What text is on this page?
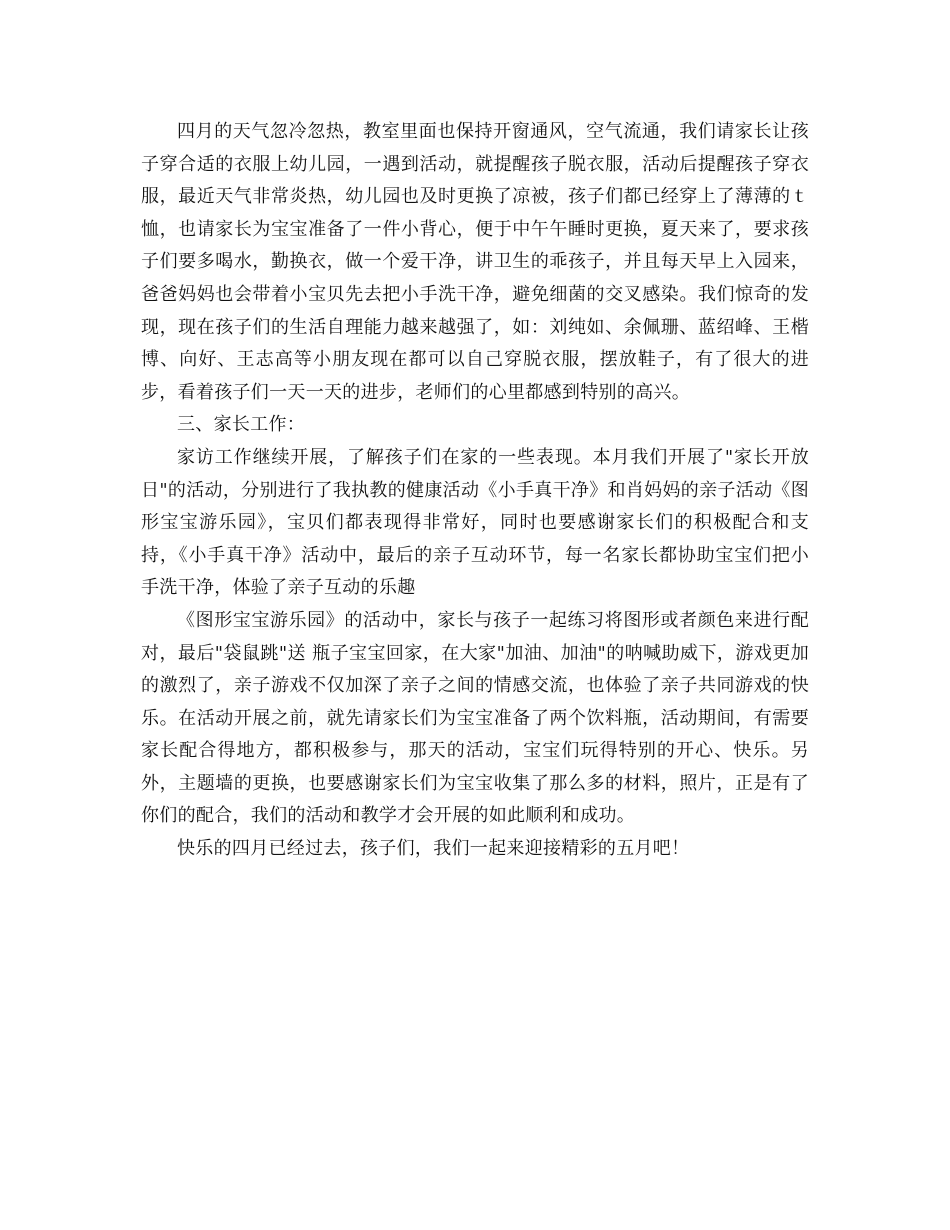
四月的天气忽冷忽热，教室里面也保持开窗通风，空气流通，我们请家长让孩子穿合适的衣服上幼儿园，一遇到活动，就提醒孩子脱衣服，活动后提醒孩子穿衣服，最近天气非常炎热，幼儿园也及时更换了凉被，孩子们都已经穿上了薄薄的ｔ恤，也请家长为宝宝准备了一件小背心，便于中午午睡时更换，夏天来了，要求孩子们要多喝水，勤换衣，做一个爱干净，讲卫生的乖孩子，并且每天早上入园来，爸爸妈妈也会带着小宝贝先去把小手洗干净，避免细菌的交叉感染。我们惊奇的发现，现在孩子们的生活自理能力越来越强了，如：刘纯如、余佩珊、蓝绍峰、王楷博、向好、王志高等小朋友现在都可以自己穿脱衣服，摆放鞋子，有了很大的进步，看着孩子们一天一天的进步，老师们的心里都感到特别的高兴。

三、家长工作：

家访工作继续开展，了解孩子们在家的一些表现。本月我们开展了"家长开放日"的活动，分别进行了我执教的健康活动《小手真干净》和肖妈妈的亲子活动《图形宝宝游乐园》，宝贝们都表现得非常好，同时也要感谢家长们的积极配合和支持，《小手真干净》活动中，最后的亲子互动环节，每一名家长都协助宝宝们把小手洗干净，体验了亲子互动的乐趣

《图形宝宝游乐园》的活动中，家长与孩子一起练习将图形或者颜色来进行配对，最后"袋鼠跳"送 瓶子宝宝回家，在大家"加油、加油"的呐喊助威下，游戏更加的激烈了，亲子游戏不仅加深了亲子之间的情感交流，也体验了亲子共同游戏的快乐。在活动开展之前，就先请家长们为宝宝准备了两个饮料瓶，活动期间，有需要家长配合得地方，都积极参与，那天的活动，宝宝们玩得特别的开心、快乐。另外，主题墙的更换，也要感谢家长们为宝宝收集了那么多的材料，照片，正是有了你们的配合，我们的活动和教学才会开展的如此顺利和成功。

快乐的四月已经过去，孩子们，我们一起来迎接精彩的五月吧！
